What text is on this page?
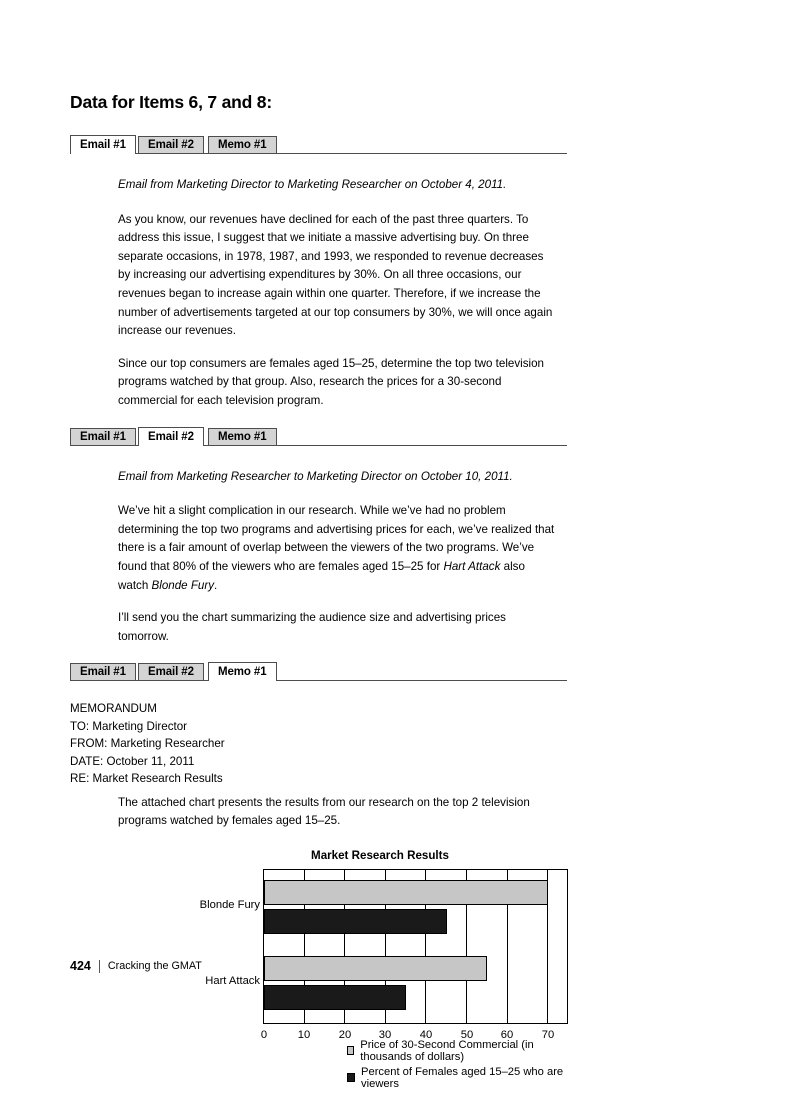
Data for Items 6, 7 and 8:
Email #1	Email #2	Memo #1

Email from Marketing Director to Marketing Researcher on October 4, 2011.

As you know, our revenues have declined for each of the past three quarters. To address this issue, I suggest that we initiate a massive advertising buy. On three separate occasions, in 1978, 1987, and 1993, we responded to revenue decreases by increasing our advertising expenditures by 30%. On all three occasions, our revenues began to increase again within one quarter. Therefore, if we increase the number of advertisements targeted at our top consumers by 30%, we will once again increase our revenues.

Since our top consumers are females aged 15–25, determine the top two television programs watched by that group. Also, research the prices for a 30-second commercial for each television program.

Email #1	Email #2	Memo #1

Email from Marketing Researcher to Marketing Director on October 10, 2011.

We’ve hit a slight complication in our research. While we’ve had no problem determining the top two programs and advertising prices for each, we’ve realized that there is a fair amount of overlap between the viewers of the two programs. We’ve found that 80% of the viewers who are females aged 15–25 for Hart Attack also watch Blonde Fury.

I’ll send you the chart summarizing the audience size and advertising prices tomorrow.

Email #1	Email #2	Memo #1

MEMORANDUM

TO: Marketing Director

FROM: Marketing Researcher

DATE: October 11, 2011

RE: Market Research Results

The attached chart presents the results from our research on the top 2 television programs watched by females aged 15–25.

Market Research Results
Blonde Fury
Hart Attack
0	10	20	30	40	50	60	70
Price of 30-Second Commercial (in thousands of dollars)
Percent of Females aged 15–25 who are viewers
424 Cracking the GMAT
